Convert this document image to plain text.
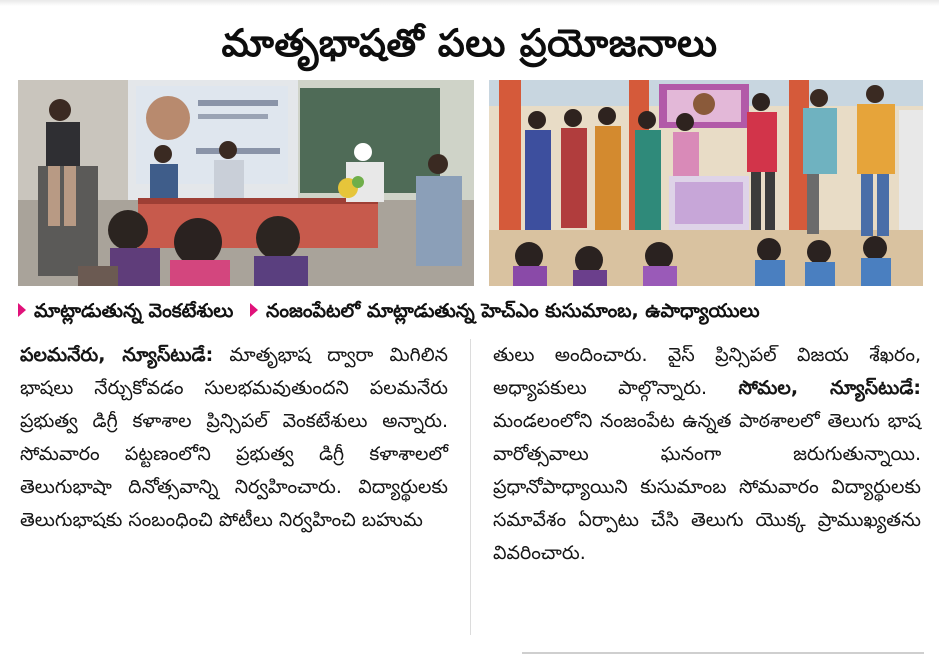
మాతృభాషతో పలు ప్రయోజనాలు
మాట్లాడుతున్న వెంకటేశులు నంజంపేటలో మాట్లాడుతున్న హెచ్‌ఎం కుసుమాంబ, ఉపాధ్యాయులు

పలమనేరు, న్యూస్‌టుడే: మాతృభాష ద్వారా మిగిలిన భాషలు నేర్చుకోవడం సులభమవుతుందని పలమనేరు ప్రభుత్వ డిగ్రీ కళాశాల ప్రిన్సిపల్ వెంకటేశులు అన్నారు. సోమవారం పట్టణంలోని ప్రభుత్వ డిగ్రీ కళాశాలలో తెలుగుభాషా దినోత్సవాన్ని నిర్వహించారు. విద్యార్థులకు తెలుగుభాషకు సంబంధించి పోటీలు నిర్వహించి బహుమ

తులు అందించారు. వైస్ ప్రిన్సిపల్ విజయ శేఖరం, అధ్యాపకులు పాల్గొన్నారు. సోమల, న్యూస్‌టుడే: మండలంలోని నంజంపేట ఉన్నత పాఠశాలలో తెలుగు భాష వారోత్సవాలు ఘనంగా జరుగుతున్నాయి. ప్రధానోపాధ్యాయిని కుసుమాంబ సోమవారం విద్యార్థులకు సమావేశం ఏర్పాటు చేసి తెలుగు యొక్క ప్రాముఖ్యతను వివరించారు.
